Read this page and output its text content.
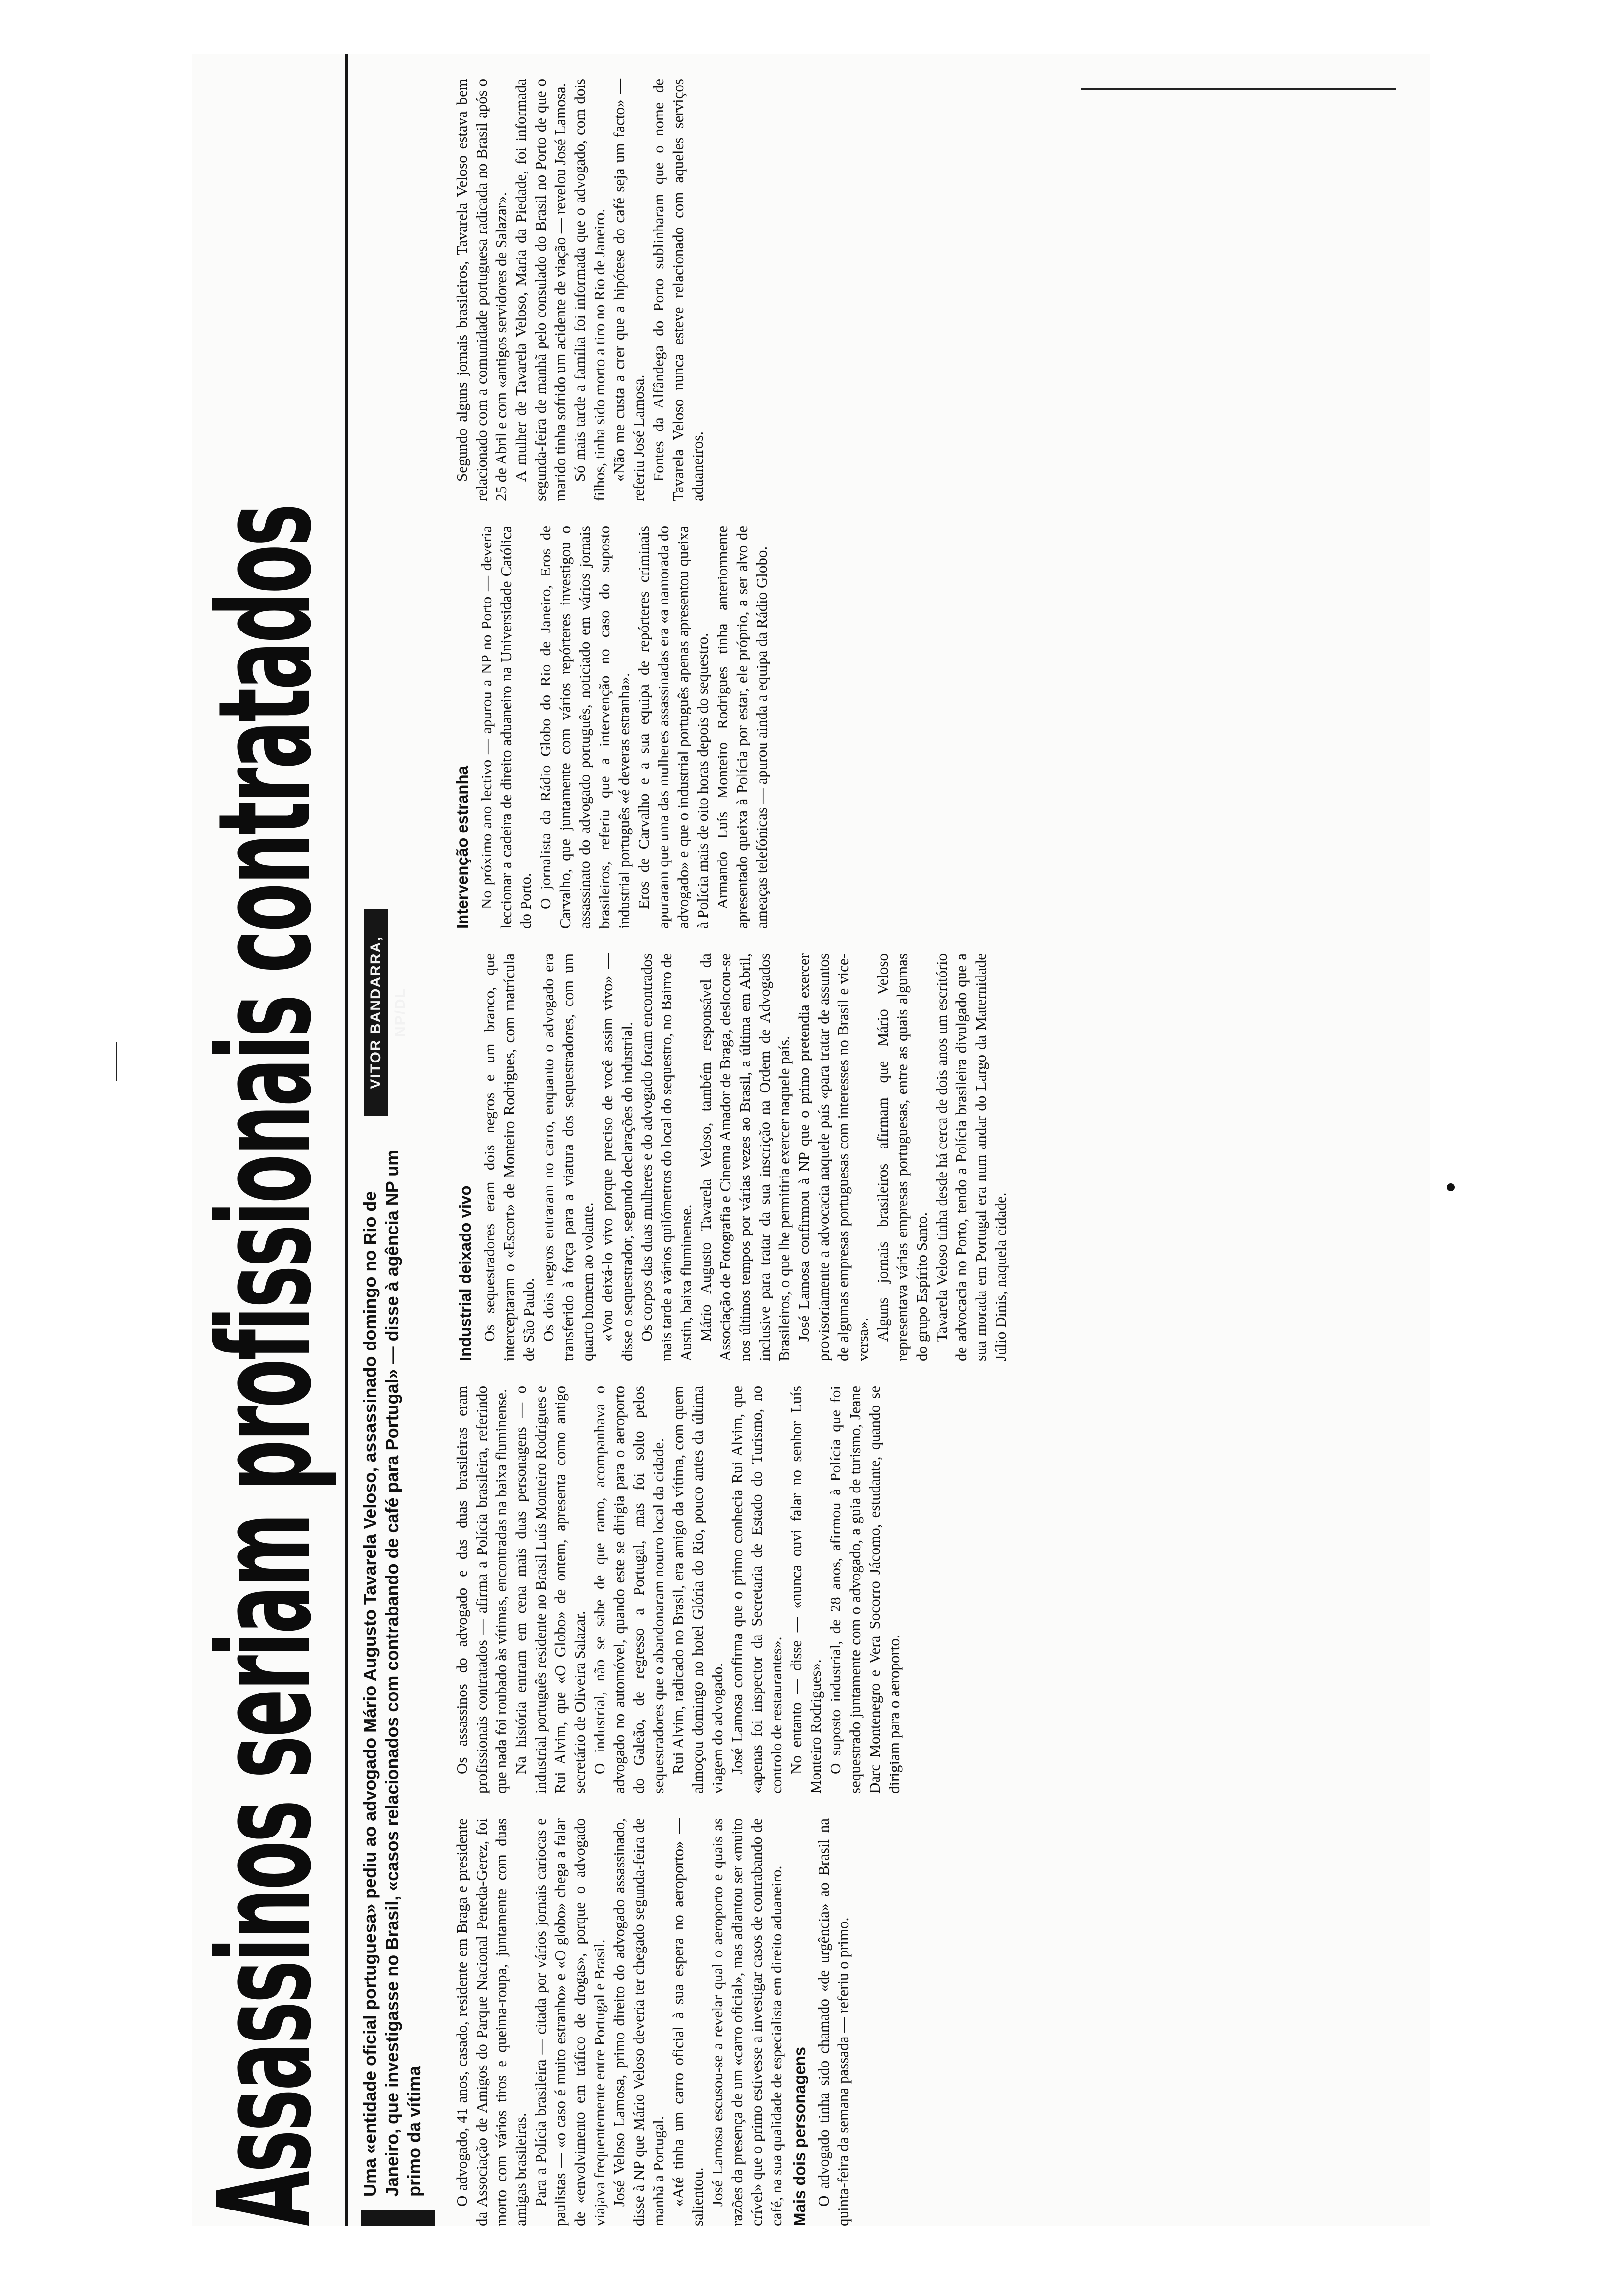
Assassinos seriam profissionais contratados Uma «entidade oficial portuguesa» pediu ao advogado Mário Augusto Tavarela Veloso, assassinado domingo no Rio de Janeiro, que investigasse no Brasil, «casos relacionados com contrabando de café para Portugal» — disse à agência NP um primo da vítima

VITOR BANDARRA, NP/DL

O advogado, 41 anos, casado, residente em Braga e presidente da Associação de Amigos do Parque Nacional Peneda-Gerez, foi morto com vários tiros e queima-roupa, juntamente com duas amigas brasileiras. Para a Polícia brasileira — citada por vários jornais cariocas e paulistas — «o caso é muito estranho» e «O globo» chega a falar de «envolvimento em tráfico de drogas», porque o advogado viajava frequentemente entre Portugal e Brasil. José Veloso Lamosa, primo direito do advogado assassinado, disse à NP que Mário Veloso deveria ter chegado segunda-feira de manhã a Portugal. «Até tinha um carro oficial à sua espera no aeroporto» — salientou. José Lamosa escusou-se a revelar qual o aeroporto e quais as razões da presença de um «carro oficial», mas adiantou ser «muito crível» que o primo estivesse a investigar casos de contrabando de café, na sua qualidade de especialista em direito aduaneiro. Mais dois personagens O advogado tinha sido chamado «de urgência» ao Brasil na quinta-feira da semana passada — referiu o primo.

Os assassinos do advogado e das duas brasileiras eram profissionais contratados — afirma a Polícia brasileira, referindo que nada foi roubado às vítimas, encontradas na baixa fluminense. Na história entram em cena mais duas personagens — o industrial português residente no Brasil Luís Monteiro Rodrigues e Rui Alvim, que «O Globo» de ontem, apresenta como antigo secretário de Oliveira Salazar. O industrial, não se sabe de que ramo, acompanhava o advogado no automóvel, quando este se dirigia para o aeroporto do Galeão, de regresso a Portugal, mas foi solto pelos sequestradores que o abandonaram noutro local da cidade. Rui Alvim, radicado no Brasil, era amigo da vítima, com quem almoçou domingo no hotel Glória do Rio, pouco antes da última viagem do advogado. José Lamosa confirma que o primo conhecia Rui Alvim, que «apenas foi inspector da Secretaria de Estado do Turismo, no controlo de restaurantes». No entanto — disse — «nunca ouvi falar no senhor Luís Monteiro Rodrigues». O suposto industrial, de 28 anos, afirmou à Polícia que foi sequestrado juntamente com o advogado, a guia de turismo, Jeane Darc Montenegro e Vera Socorro Jácomo, estudante, quando se dirigiam para o aeroporto.

Industrial deixado vivo Os sequestradores eram dois negros e um branco, que interceptaram o «Escort» de Monteiro Rodrigues, com matrícula de São Paulo. Os dois negros entraram no carro, enquanto o advogado era transferido à força para a viatura dos sequestradores, com um quarto homem ao volante. «Vou deixá-lo vivo porque preciso de você assim vivo» — disse o sequestrador, segundo declarações do industrial. Os corpos das duas mulheres e do advogado foram encontrados mais tarde a vários quilómetros do local do sequestro, no Bairro de Austin, baixa fluminense. Mário Augusto Tavarela Veloso, também responsável da Associação de Fotografia e Cinema Amador de Braga, deslocou-se nos últimos tempos por várias vezes ao Brasil, a última em Abril, inclusive para tratar da sua inscrição na Ordem de Advogados Brasileiros, o que lhe permitiria exercer naquele país. José Lamosa confirmou à NP que o primo pretendia exercer provisoriamente a advocacia naquele país «para tratar de assuntos de algumas empresas portuguesas com interesses no Brasil e vice-versa». Alguns jornais brasileiros afirmam que Mário Veloso representava várias empresas portuguesas, entre as quais algumas do grupo Espírito Santo. Tavarela Veloso tinha desde há cerca de dois anos um escritório de advocacia no Porto, tendo a Polícia brasileira divulgado que a sua morada em Portugal era num andar do Largo da Maternidade Júlio Dinis, naquela cidade.

Intervenção estranha No próximo ano lectivo — apurou a NP no Porto — deveria leccionar a cadeira de direito aduaneiro na Universidade Católica do Porto. O jornalista da Rádio Globo do Rio de Janeiro, Eros de Carvalho, que juntamente com vários repórteres investigou o assassinato do advogado português, noticiado em vários jornais brasileiros, referiu que a intervenção no caso do suposto industrial português «é deveras estranha». Eros de Carvalho e a sua equipa de repórteres criminais apuraram que uma das mulheres assassinadas era «a namorada do advogado» e que o industrial português apenas apresentou queixa à Polícia mais de oito horas depois do sequestro. Armando Luís Monteiro Rodrigues tinha anteriormente apresentado queixa à Polícia por estar, ele próprio, a ser alvo de ameaças telefónicas — apurou ainda a equipa da Rádio Globo.

Segundo alguns jornais brasileiros, Tavarela Veloso estava bem relacionado com a comunidade portuguesa radicada no Brasil após o 25 de Abril e com «antigos servidores de Salazar». A mulher de Tavarela Veloso, Maria da Piedade, foi informada segunda-feira de manhã pelo consulado do Brasil no Porto de que o marido tinha sofrido um acidente de viação — revelou José Lamosa. Só mais tarde a família foi informada que o advogado, com dois filhos, tinha sido morto a tiro no Rio de Janeiro. «Não me custa a crer que a hipótese do café seja um facto» — referiu José Lamosa. Fontes da Alfândega do Porto sublinharam que o nome de Tavarela Veloso nunca esteve relacionado com aqueles serviços aduaneiros.
